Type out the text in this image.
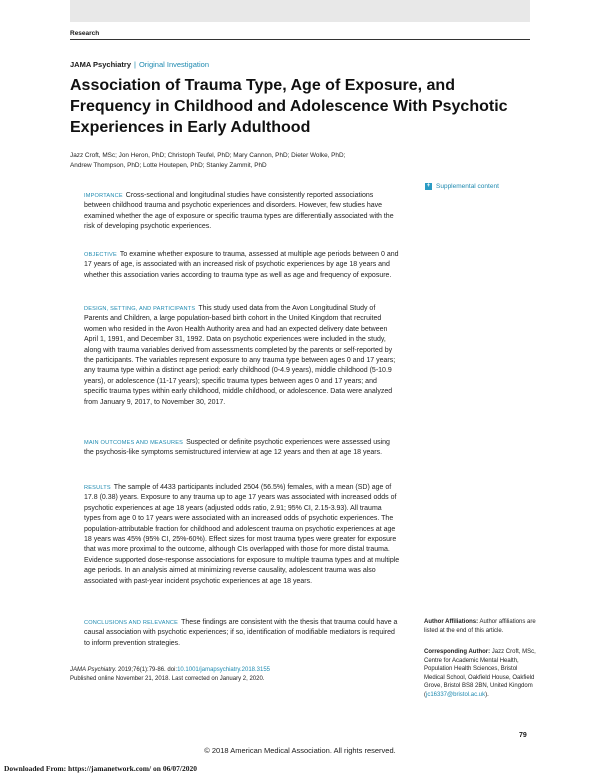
Research
JAMA Psychiatry | Original Investigation
Association of Trauma Type, Age of Exposure, and Frequency in Childhood and Adolescence With Psychotic Experiences in Early Adulthood
Jazz Croft, MSc; Jon Heron, PhD; Christoph Teufel, PhD; Mary Cannon, PhD; Dieter Wolke, PhD;
Andrew Thompson, PhD; Lotte Houtepen, PhD; Stanley Zammit, PhD
+ Supplemental content

IMPORTANCE Cross-sectional and longitudinal studies have consistently reported associations between childhood trauma and psychotic experiences and disorders. However, few studies have examined whether the age of exposure or specific trauma types are differentially associated with the risk of developing psychotic experiences.

OBJECTIVE To examine whether exposure to trauma, assessed at multiple age periods between 0 and 17 years of age, is associated with an increased risk of psychotic experiences by age 18 years and whether this association varies according to trauma type as well as age and frequency of exposure.

DESIGN, SETTING, AND PARTICIPANTS This study used data from the Avon Longitudinal Study of Parents and Children, a large population-based birth cohort in the United Kingdom that recruited women who resided in the Avon Health Authority area and had an expected delivery date between April 1, 1991, and December 31, 1992. Data on psychotic experiences were included in the study, along with trauma variables derived from assessments completed by the parents or self-reported by the participants. The variables represent exposure to any trauma type between ages 0 and 17 years; any trauma type within a distinct age period: early childhood (0-4.9 years), middle childhood (5-10.9 years), or adolescence (11-17 years); specific trauma types between ages 0 and 17 years; and specific trauma types within early childhood, middle childhood, or adolescence. Data were analyzed from January 9, 2017, to November 30, 2017.

MAIN OUTCOMES AND MEASURES Suspected or definite psychotic experiences were assessed using the psychosis-like symptoms semistructured interview at age 12 years and then at age 18 years.

RESULTS The sample of 4433 participants included 2504 (56.5%) females, with a mean (SD) age of 17.8 (0.38) years. Exposure to any trauma up to age 17 years was associated with increased odds of psychotic experiences at age 18 years (adjusted odds ratio, 2.91; 95% CI, 2.15-3.93). All trauma types from age 0 to 17 years were associated with an increased odds of psychotic experiences. The population-attributable fraction for childhood and adolescent trauma on psychotic experiences at age 18 years was 45% (95% CI, 25%-60%). Effect sizes for most trauma types were greater for exposure that was more proximal to the outcome, although CIs overlapped with those for more distal trauma. Evidence supported dose-response associations for exposure to multiple trauma types and at multiple age periods. In an analysis aimed at minimizing reverse causality, adolescent trauma was also associated with past-year incident psychotic experiences at age 18 years.

CONCLUSIONS AND RELEVANCE These findings are consistent with the thesis that trauma could have a causal association with psychotic experiences; if so, identification of modifiable mediators is required to inform prevention strategies.

Author Affiliations: Author affiliations are listed at the end of this article.
Corresponding Author: Jazz Croft, MSc, Centre for Academic Mental Health, Population Health Sciences, Bristol Medical School, Oakfield House, Oakfield Grove, Bristol BS8 2BN, United Kingdom (jc16337@bristol.ac.uk).
JAMA Psychiatry. 2019;76(1):79-86. doi:10.1001/jamapsychiatry.2018.3155
Published online November 21, 2018. Last corrected on January 2, 2020.
79
© 2018 American Medical Association. All rights reserved.
Downloaded From: https://jamanetwork.com/ on 06/07/2020
